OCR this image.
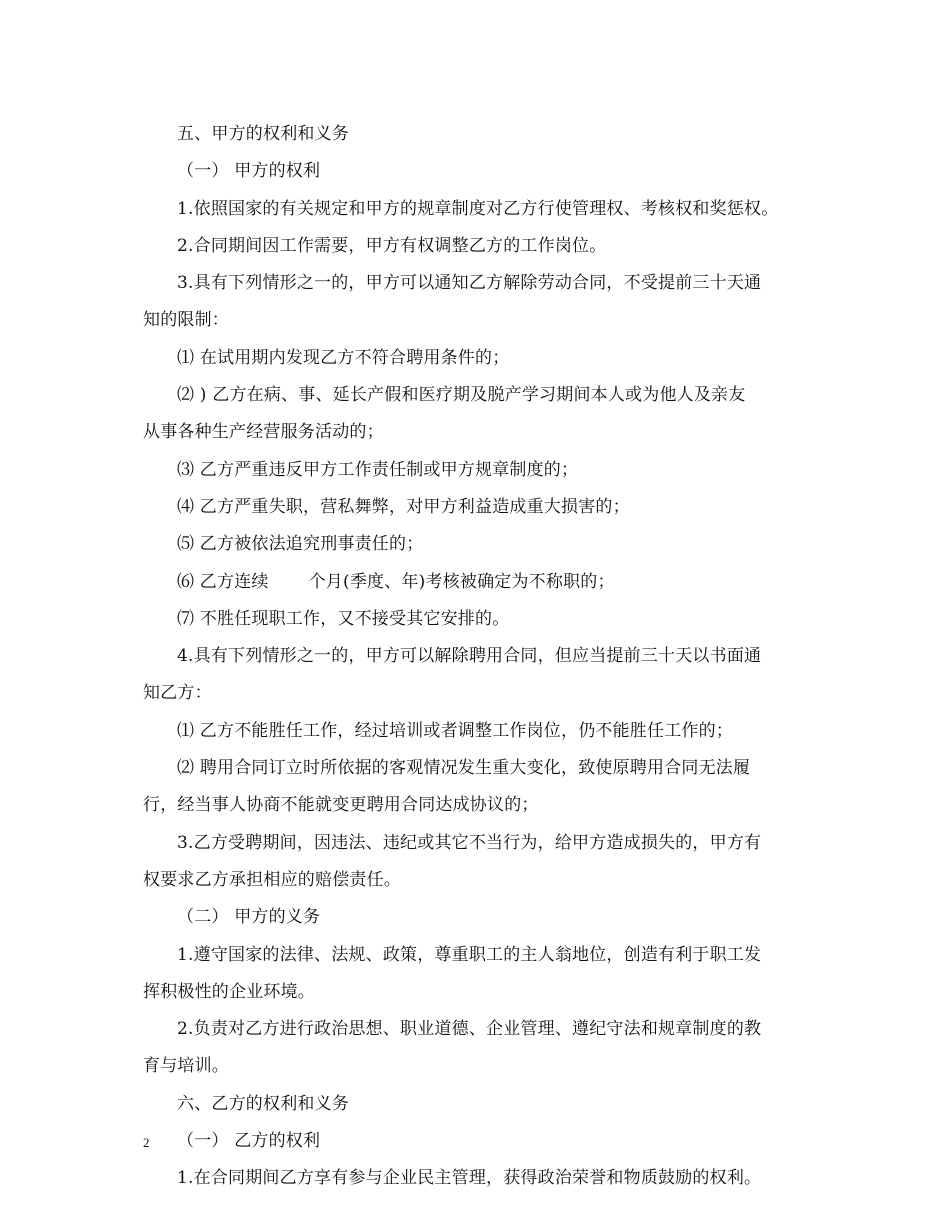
五、甲方的权利和义务
（一） 甲方的权利
1.依照国家的有关规定和甲方的规章制度对乙方行使管理权、考核权和奖惩权。
2.合同期间因工作需要，甲方有权调整乙方的工作岗位。
3.具有下列情形之一的，甲方可以通知乙方解除劳动合同，不受提前三十天通
知的限制：
⑴ 在试用期内发现乙方不符合聘用条件的；
⑵ ) 乙方在病、事、延长产假和医疗期及脱产学习期间本人或为他人及亲友
从事各种生产经营服务活动的；
⑶ 乙方严重违反甲方工作责任制或甲方规章制度的；
⑷ 乙方严重失职，营私舞弊，对甲方利益造成重大损害的；
⑸ 乙方被依法追究刑事责任的；
⑹ 乙方连续 个月(季度、年)考核被确定为不称职的；
⑺ 不胜任现职工作，又不接受其它安排的。
4.具有下列情形之一的，甲方可以解除聘用合同，但应当提前三十天以书面通
知乙方：
⑴ 乙方不能胜任工作，经过培训或者调整工作岗位，仍不能胜任工作的；
⑵ 聘用合同订立时所依据的客观情况发生重大变化，致使原聘用合同无法履
行，经当事人协商不能就变更聘用合同达成协议的；
3.乙方受聘期间，因违法、违纪或其它不当行为，给甲方造成损失的，甲方有
权要求乙方承担相应的赔偿责任。
（二） 甲方的义务
1.遵守国家的法律、法规、政策，尊重职工的主人翁地位，创造有利于职工发
挥积极性的企业环境。
2.负责对乙方进行政治思想、职业道德、企业管理、遵纪守法和规章制度的教
育与培训。
六、乙方的权利和义务
（一） 乙方的权利
1.在合同期间乙方享有参与企业民主管理，获得政治荣誉和物质鼓励的权利。
2
